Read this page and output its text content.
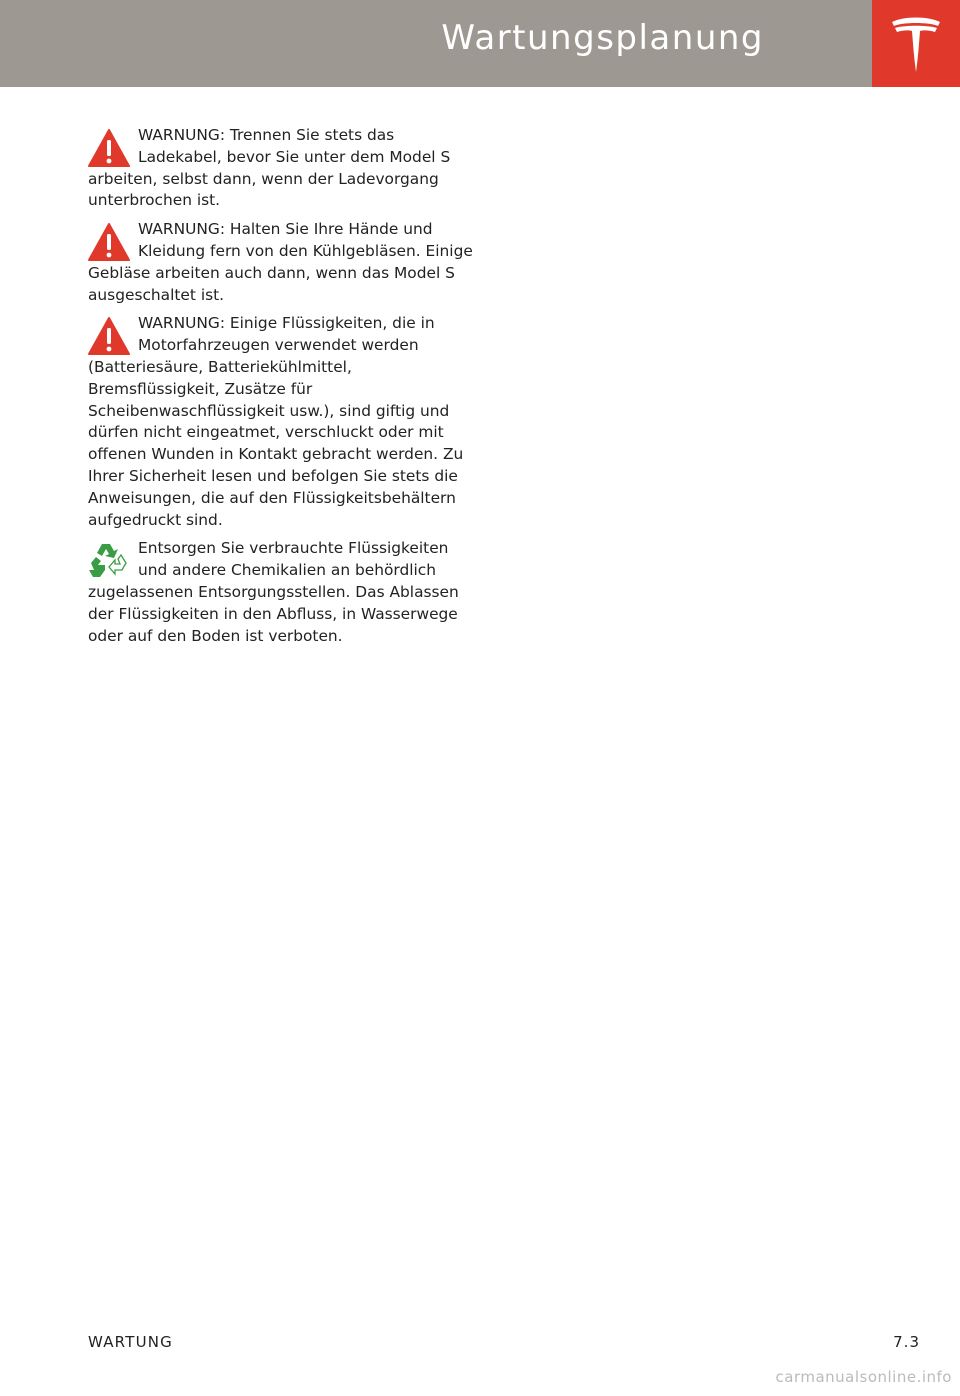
Wartungsplanung
WARNUNG: Trennen Sie stets das Ladekabel, bevor Sie unter dem Model S arbeiten, selbst dann, wenn der Ladevorgang unterbrochen ist.
WARNUNG: Halten Sie Ihre Hände und Kleidung fern von den Kühlgebläsen. Einige Gebläse arbeiten auch dann, wenn das Model S ausgeschaltet ist.
WARNUNG: Einige Flüssigkeiten, die in Motorfahrzeugen verwendet werden (Batteriesäure, Batteriekühlmittel, Bremsflüssigkeit, Zusätze für Scheibenwaschflüssigkeit usw.), sind giftig und dürfen nicht eingeatmet, verschluckt oder mit offenen Wunden in Kontakt gebracht werden. Zu Ihrer Sicherheit lesen und befolgen Sie stets die Anweisungen, die auf den Flüssigkeitsbehältern aufgedruckt sind.
Entsorgen Sie verbrauchte Flüssigkeiten und andere Chemikalien an behördlich zugelassenen Entsorgungsstellen. Das Ablassen der Flüssigkeiten in den Abfluss, in Wasserwege oder auf den Boden ist verboten.
WARTUNG	7.3
carmanualsonline.info
